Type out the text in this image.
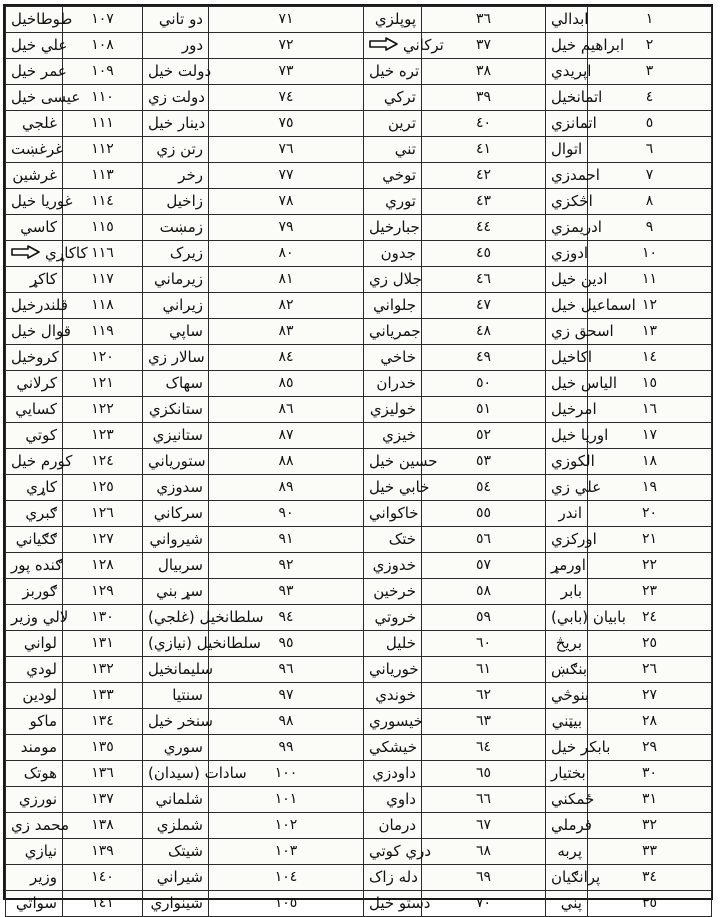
طوطاخيل	١٠٧	دو تاني	٧١	پوپلزي	٣٦	ابدالي	١
علي خيل	١٠٨	دور	٧٢	تركاني	٣٧	ابراهيم خيل	٢
عمر خيل	١٠٩	دولت خيل	٧٣	تره خيل	٣٨	اپريدي	٣
عيسى خيل	١١٠	دولت زي	٧٤	تركي	٣٩	اتمانخيل	٤
غلجي	١١١	دينار خيل	٧٥	ترين	٤٠	اتمانزي	٥
غرغښت	١١٢	رتن زي	٧٦	تني	٤١	اتوال	٦
غرشين	١١٣	رخر	٧٧	توخي	٤٢	احمدزي	٧
غوريا خيل	١١٤	زاخيل	٧٨	توري	٤٣	اڅکزي	٨
کاسي	١١٥	زمښت	٧٩	جبارخيل	٤٤	ادريمزي	٩
کاکاړي	١١٦	زيرک	٨٠	جدون	٤٥	ادوزي	١٠
کاکړ	١١٧	زيرماني	٨١	جلال زي	٤٦	ادين خيل	١١
قلندرخيل	١١٨	زيراني	٨٢	جلواني	٤٧	اسماعيل خيل	١٢
قوال خيل	١١٩	ساپي	٨٣	جمرياني	٤٨	اسحق زي	١٣
کروخيل	١٢٠	سالار زي	٨٤	خاخي	٤٩	اکاخيل	١٤
کرلاني	١٢١	سهاک	٨٥	خدران	٥٠	الياس خيل	١٥
کسايي	١٢٢	ستانکزي	٨٦	خوليزي	٥١	امرخيل	١٦
کوتي	١٢٣	ستانيزي	٨٧	خيزي	٥٢	اوريا خيل	١٧
کورم خيل	١٢٤	ستورياني	٨٨	حسين خيل	٥٣	الکوزي	١٨
کاړي	١٢٥	سدوزي	٨٩	خابي خيل	٥٤	علي زي	١٩
ګبري	١٢٦	سرکاني	٩٠	خاکواني	٥٥	اندر	٢٠
ګګياني	١٢٧	شيرواني	٩١	ختک	٥٦	اورکزي	٢١
ګنده پور	١٢٨	سربيال	٩٢	خدوزي	٥٧	اورمړ	٢٢
ګوربز	١٢٩	سړ بني	٩٣	خرخين	٥٨	بابر	٢٣
لالي وزير	١٣٠	سلطانخيل (غلجي)	٩٤	خروتي	٥٩	بابيان (بابي)	٢٤
لواني	١٣١	سلطانخيل (نيازي)	٩٥	خليل	٦٠	بريڅ	٢٥
لودي	١٣٢	سليمانخيل	٩٦	خورياني	٦١	بنګښ	٢٦
لودين	١٣٣	سنتيا	٩٧	خوندي	٦٢	بنوڅي	٢٧
ماکو	١٣٤	سنخر خيل	٩٨	خيسوري	٦٣	بيټني	٢٨
مومند	١٣٥	سوري	٩٩	خيشکي	٦٤	بابکر خيل	٢٩
هوتک	١٣٦	سادات (سيدان)	١٠٠	داودزي	٦٥	بختيار	٣٠
نورزي	١٣٧	شلماني	١٠١	داوي	٦٦	ځمکني	٣١
محمد زي	١٣٨	شملزي	١٠٢	درمان	٦٧	فرملي	٣٢
نيازي	١٣٩	شيتک	١٠٣	دري کوتي	٦٨	پربه	٣٣
وزير	١٤٠	شيراني	١٠٤	دله زاک	٦٩	پرانګيان	٣٤
سواتي	١٤١	شينواري	١٠٥	دستو خيل	٧٠	پني	٣٥
